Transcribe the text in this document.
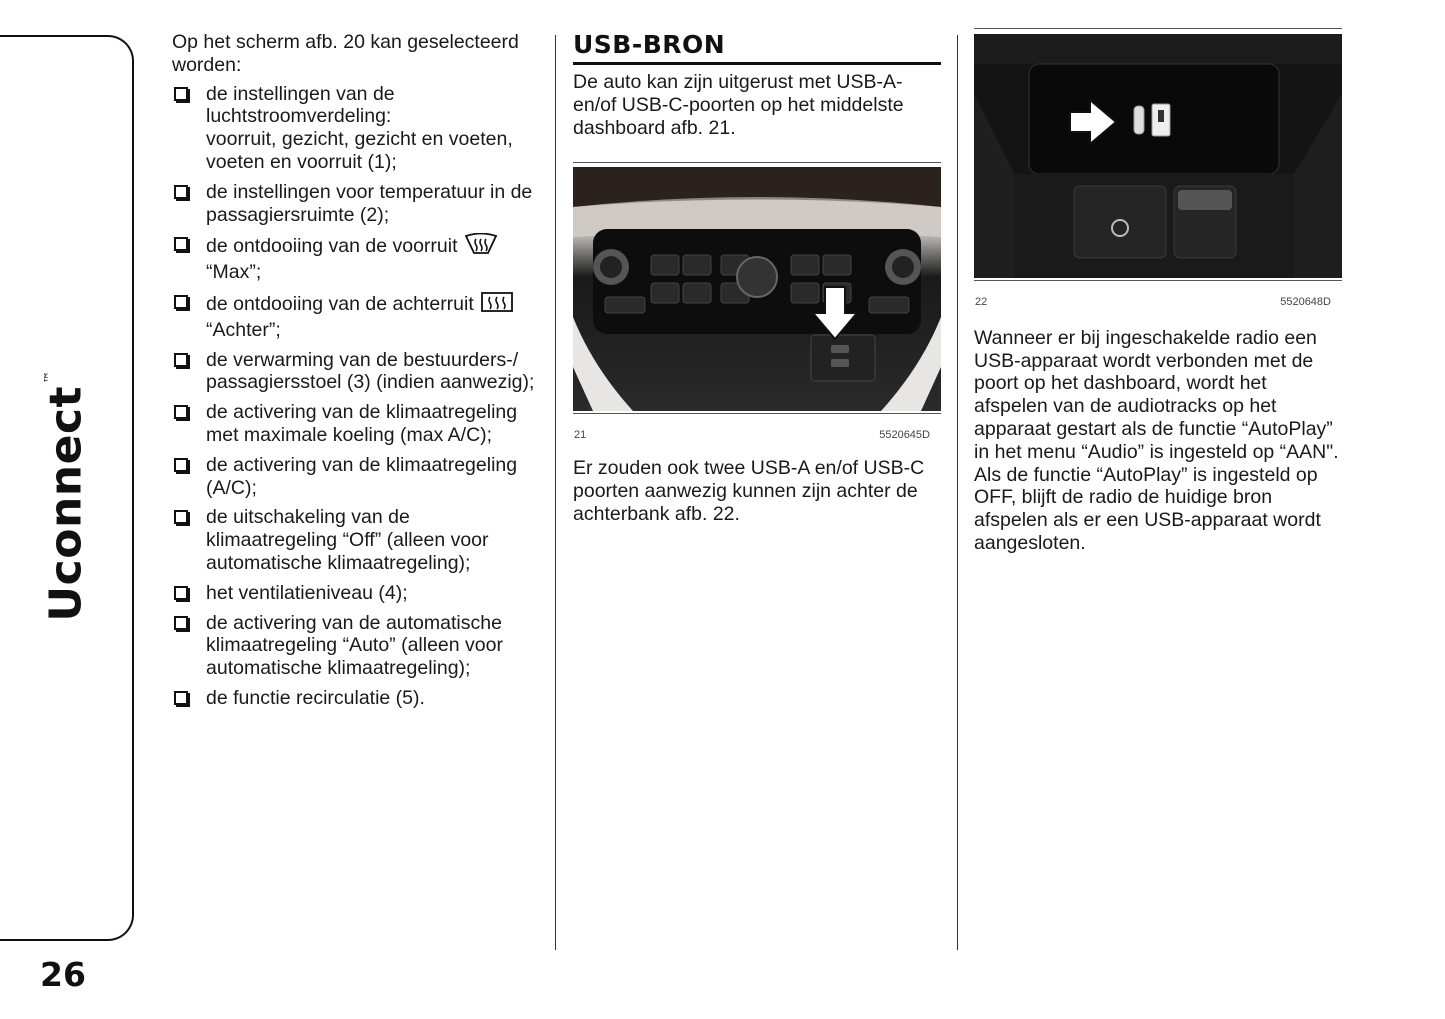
Uconnect™
26

Op het scherm afb. 20 kan geselecteerd worden:

de instellingen van de luchtstroomverdeling:
voorruit, gezicht, gezicht en voeten, voeten en voorruit (1);
de instellingen voor temperatuur in de passagiersruimte (2);
de ontdooiing van de voorruit
“Max”;
de ontdooiing van de achterruit
“Achter”;
de verwarming van de bestuurders-/ passagiersstoel (3) (indien aanwezig);
de activering van de klimaatregeling met maximale koeling (max A/C);
de activering van de klimaatregeling (A/C);
de uitschakeling van de klimaatregeling “Off” (alleen voor automatische klimaatregeling);
het ventilatieniveau (4);
de activering van de automatische klimaatregeling “Auto” (alleen voor automatische klimaatregeling);
de functie recirculatie (5).
USB-BRON

De auto kan zijn uitgerust met USB-A- en/of USB-C-poorten op het middelste dashboard afb. 21.

21	5520645D

Er zouden ook twee USB-A en/of USB-C poorten aanwezig kunnen zijn achter de achterbank afb. 22.

22	5520648D

Wanneer er bij ingeschakelde radio een USB-apparaat wordt verbonden met de poort op het dashboard, wordt het afspelen van de audiotracks op het apparaat gestart als de functie “AutoPlay” in het menu “Audio” is ingesteld op “AAN". Als de functie “AutoPlay” is ingesteld op OFF, blijft de radio de huidige bron afspelen als er een USB-apparaat wordt aangesloten.
